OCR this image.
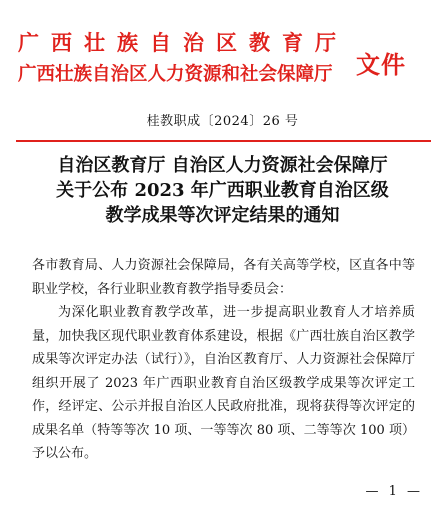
广西壮族自治区教育厅
广西壮族自治区人力资源和社会保障厅 文件
桂教职成〔2024〕26 号
自治区教育厅 自治区人力资源社会保障厅
关于公布 2023 年广西职业教育自治区级
教学成果等次评定结果的通知

各市教育局、人力资源社会保障局，各有关高等学校，区直各中等职业学校，各行业职业教育教学指导委员会：

为深化职业教育教学改革，进一步提高职业教育人才培养质量，加快我区现代职业教育体系建设，根据《广西壮族自治区教学成果等次评定办法（试行）》，自治区教育厅、人力资源社会保障厅组织开展了 2023 年广西职业教育自治区级教学成果等次评定工作，经评定、公示并报自治区人民政府批准，现将获得等次评定的成果名单（特等等次 10 项、一等等次 80 项、二等等次 100 项）予以公布。

— 1 —
